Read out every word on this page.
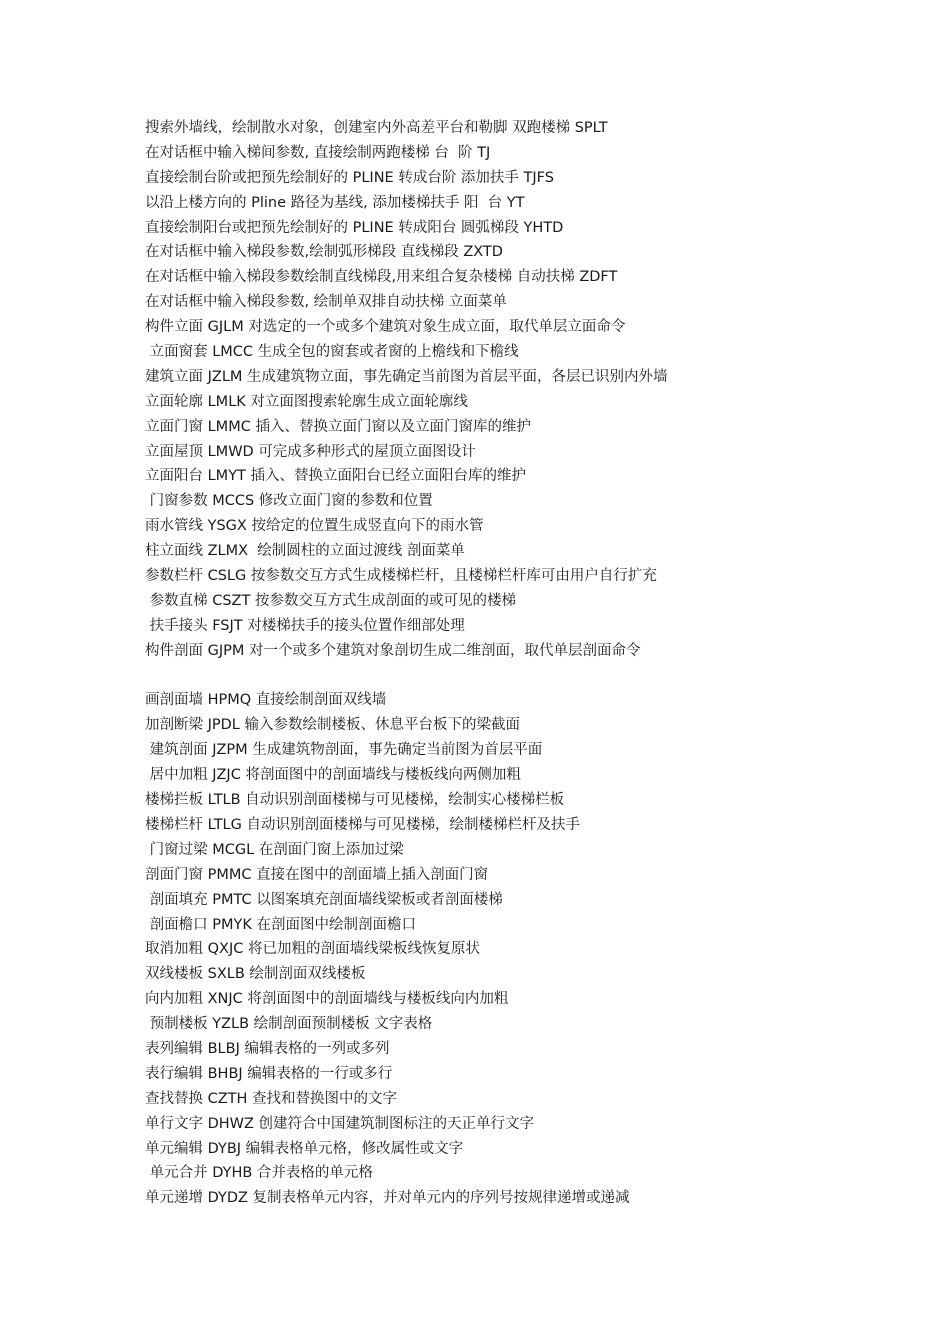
搜索外墙线，绘制散水对象，创建室内外高差平台和勒脚 双跑楼梯 SPLT
在对话框中输入梯间参数, 直接绘制两跑楼梯 台  阶 TJ
直接绘制台阶或把预先绘制好的 PLINE 转成台阶 添加扶手 TJFS
以沿上楼方向的 Pline 路径为基线, 添加楼梯扶手 阳  台 YT
直接绘制阳台或把预先绘制好的 PLINE 转成阳台 圆弧梯段 YHTD
在对话框中输入梯段参数,绘制弧形梯段 直线梯段 ZXTD
在对话框中输入梯段参数绘制直线梯段,用来组合复杂楼梯 自动扶梯 ZDFT
在对话框中输入梯段参数, 绘制单双排自动扶梯 立面菜单
构件立面 GJLM 对选定的一个或多个建筑对象生成立面，取代单层立面命令
立面窗套 LMCC 生成全包的窗套或者窗的上檐线和下檐线
建筑立面 JZLM 生成建筑物立面，事先确定当前图为首层平面，各层已识别内外墙
立面轮廓 LMLK 对立面图搜索轮廓生成立面轮廓线
立面门窗 LMMC 插入、替换立面门窗以及立面门窗库的维护
立面屋顶 LMWD 可完成多种形式的屋顶立面图设计
立面阳台 LMYT 插入、替换立面阳台已经立面阳台库的维护
门窗参数 MCCS 修改立面门窗的参数和位置
雨水管线 YSGX 按给定的位置生成竖直向下的雨水管
柱立面线 ZLMX  绘制圆柱的立面过渡线 剖面菜单
参数栏杆 CSLG 按参数交互方式生成楼梯栏杆，且楼梯栏杆库可由用户自行扩充
参数直梯 CSZT 按参数交互方式生成剖面的或可见的楼梯
扶手接头 FSJT 对楼梯扶手的接头位置作细部处理
构件剖面 GJPM 对一个或多个建筑对象剖切生成二维剖面，取代单层剖面命令
画剖面墙 HPMQ 直接绘制剖面双线墙
加剖断梁 JPDL 输入参数绘制楼板、休息平台板下的梁截面
建筑剖面 JZPM 生成建筑物剖面，事先确定当前图为首层平面
居中加粗 JZJC 将剖面图中的剖面墙线与楼板线向两侧加粗
楼梯拦板 LTLB 自动识别剖面楼梯与可见楼梯，绘制实心楼梯栏板
楼梯栏杆 LTLG 自动识别剖面楼梯与可见楼梯，绘制楼梯栏杆及扶手
门窗过梁 MCGL 在剖面门窗上添加过梁
剖面门窗 PMMC 直接在图中的剖面墙上插入剖面门窗
剖面填充 PMTC 以图案填充剖面墙线梁板或者剖面楼梯
剖面檐口 PMYK 在剖面图中绘制剖面檐口
取消加粗 QXJC 将已加粗的剖面墙线梁板线恢复原状
双线楼板 SXLB 绘制剖面双线楼板
向内加粗 XNJC 将剖面图中的剖面墙线与楼板线向内加粗
预制楼板 YZLB 绘制剖面预制楼板 文字表格
表列编辑 BLBJ 编辑表格的一列或多列
表行编辑 BHBJ 编辑表格的一行或多行
查找替换 CZTH 查找和替换图中的文字
单行文字 DHWZ 创建符合中国建筑制图标注的天正单行文字
单元编辑 DYBJ 编辑表格单元格，修改属性或文字
单元合并 DYHB 合并表格的单元格
单元递增 DYDZ 复制表格单元内容，并对单元内的序列号按规律递增或递减
